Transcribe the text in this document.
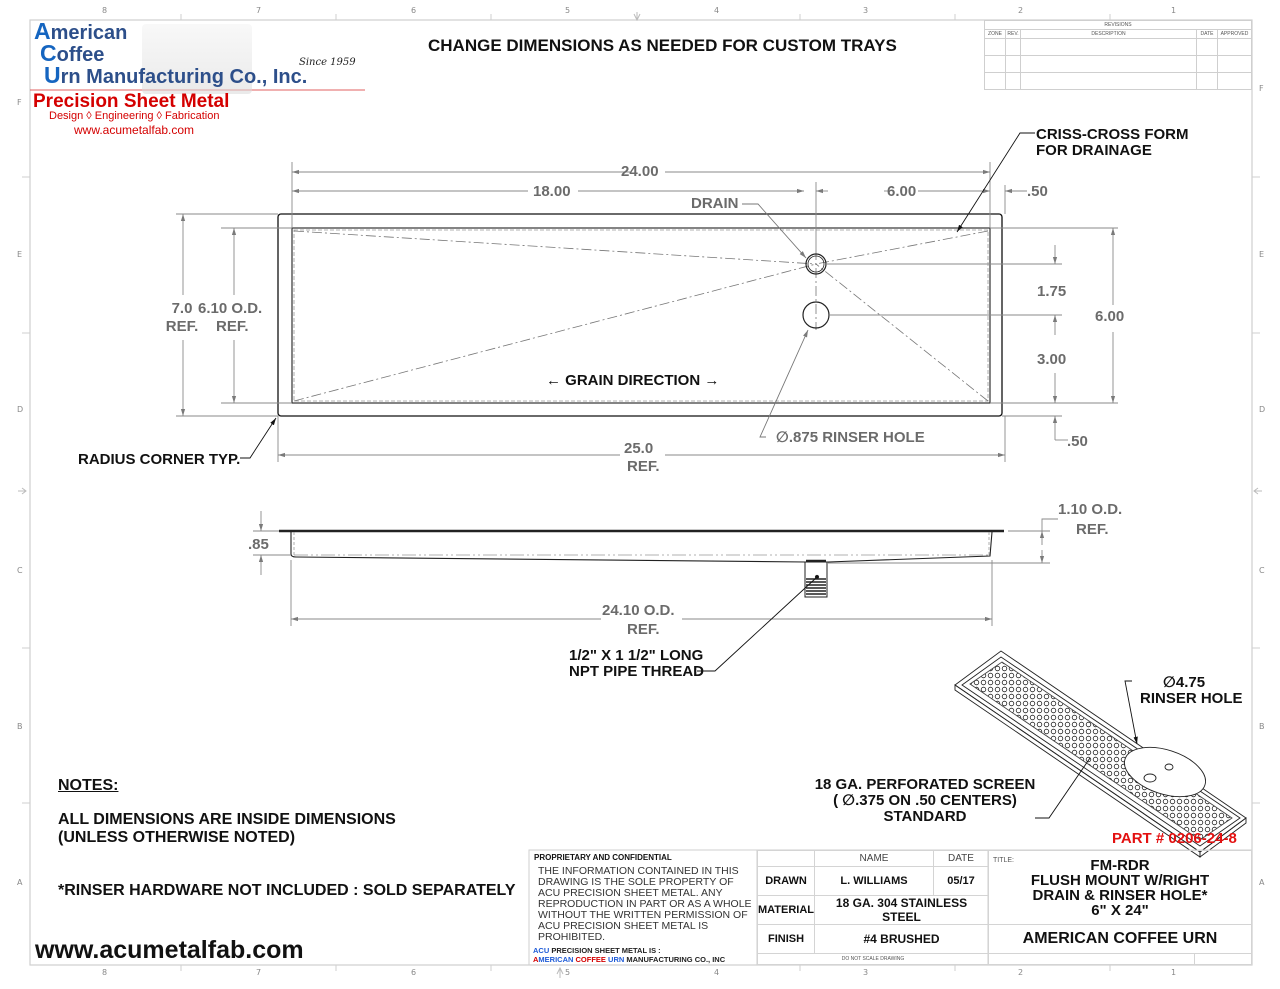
8	7	6	5	4	3	2	1
8	7	6	5	4	3	2	1
F
E
D
C
B
A
F
E
D
C
B
A
American
Coffee
Urn Manufacturing Co., Inc.
Since 1959
Precision Sheet Metal
Design ◊ Engineering ◊ Fabrication
www.acumetalfab.com
CHANGE DIMENSIONS AS NEEDED FOR CUSTOM TRAYS
REVISIONS				
ZONE	REV.	DESCRIPTION	DATE	APPROVED

24.00
18.00	6.00	.50
DRAIN
7.0
REF.
6.10 O.D.
REF.
1.75
3.00
6.00
.50
← GRAIN DIRECTION →
∅.875 RINSER HOLE
25.0
REF.
CRISS-CROSS FORM
FOR DRAINAGE
RADIUS CORNER TYP.
.85
1.10 O.D.
REF.
24.10 O.D.
REF.
1/2" X 1 1/2" LONG
NPT PIPE THREAD
∅4.75
RINSER HOLE
18 GA. PERFORATED SCREEN
( ∅.375 ON .50 CENTERS)
STANDARD
NOTES:
ALL DIMENSIONS ARE INSIDE DIMENSIONS
(UNLESS OTHERWISE NOTED)
*RINSER HARDWARE NOT INCLUDED : SOLD SEPARATELY
www.acumetalfab.com
PART # 0206-24-8
PROPRIETARY AND CONFIDENTIAL
THE INFORMATION CONTAINED IN THIS DRAWING IS THE SOLE PROPERTY OF ACU PRECISION SHEET METAL. ANY REPRODUCTION IN PART OR AS A WHOLE WITHOUT THE WRITTEN PERMISSION OF ACU PRECISION SHEET METAL IS PROHIBITED.
ACU PRECISION SHEET METAL IS :
AMERICAN COFFEE URN MANUFACTURING CO., INC
NAME	DATE
DRAWN	L. WILLIAMS	05/17
MATERIAL	18 GA. 304 STAINLESS STEEL
FINISH	#4 BRUSHED
DO NOT SCALE DRAWING
TITLE:	FM-RDR
FLUSH MOUNT W/RIGHT
DRAIN & RINSER HOLE*
6" X 24"
AMERICAN COFFEE URN
